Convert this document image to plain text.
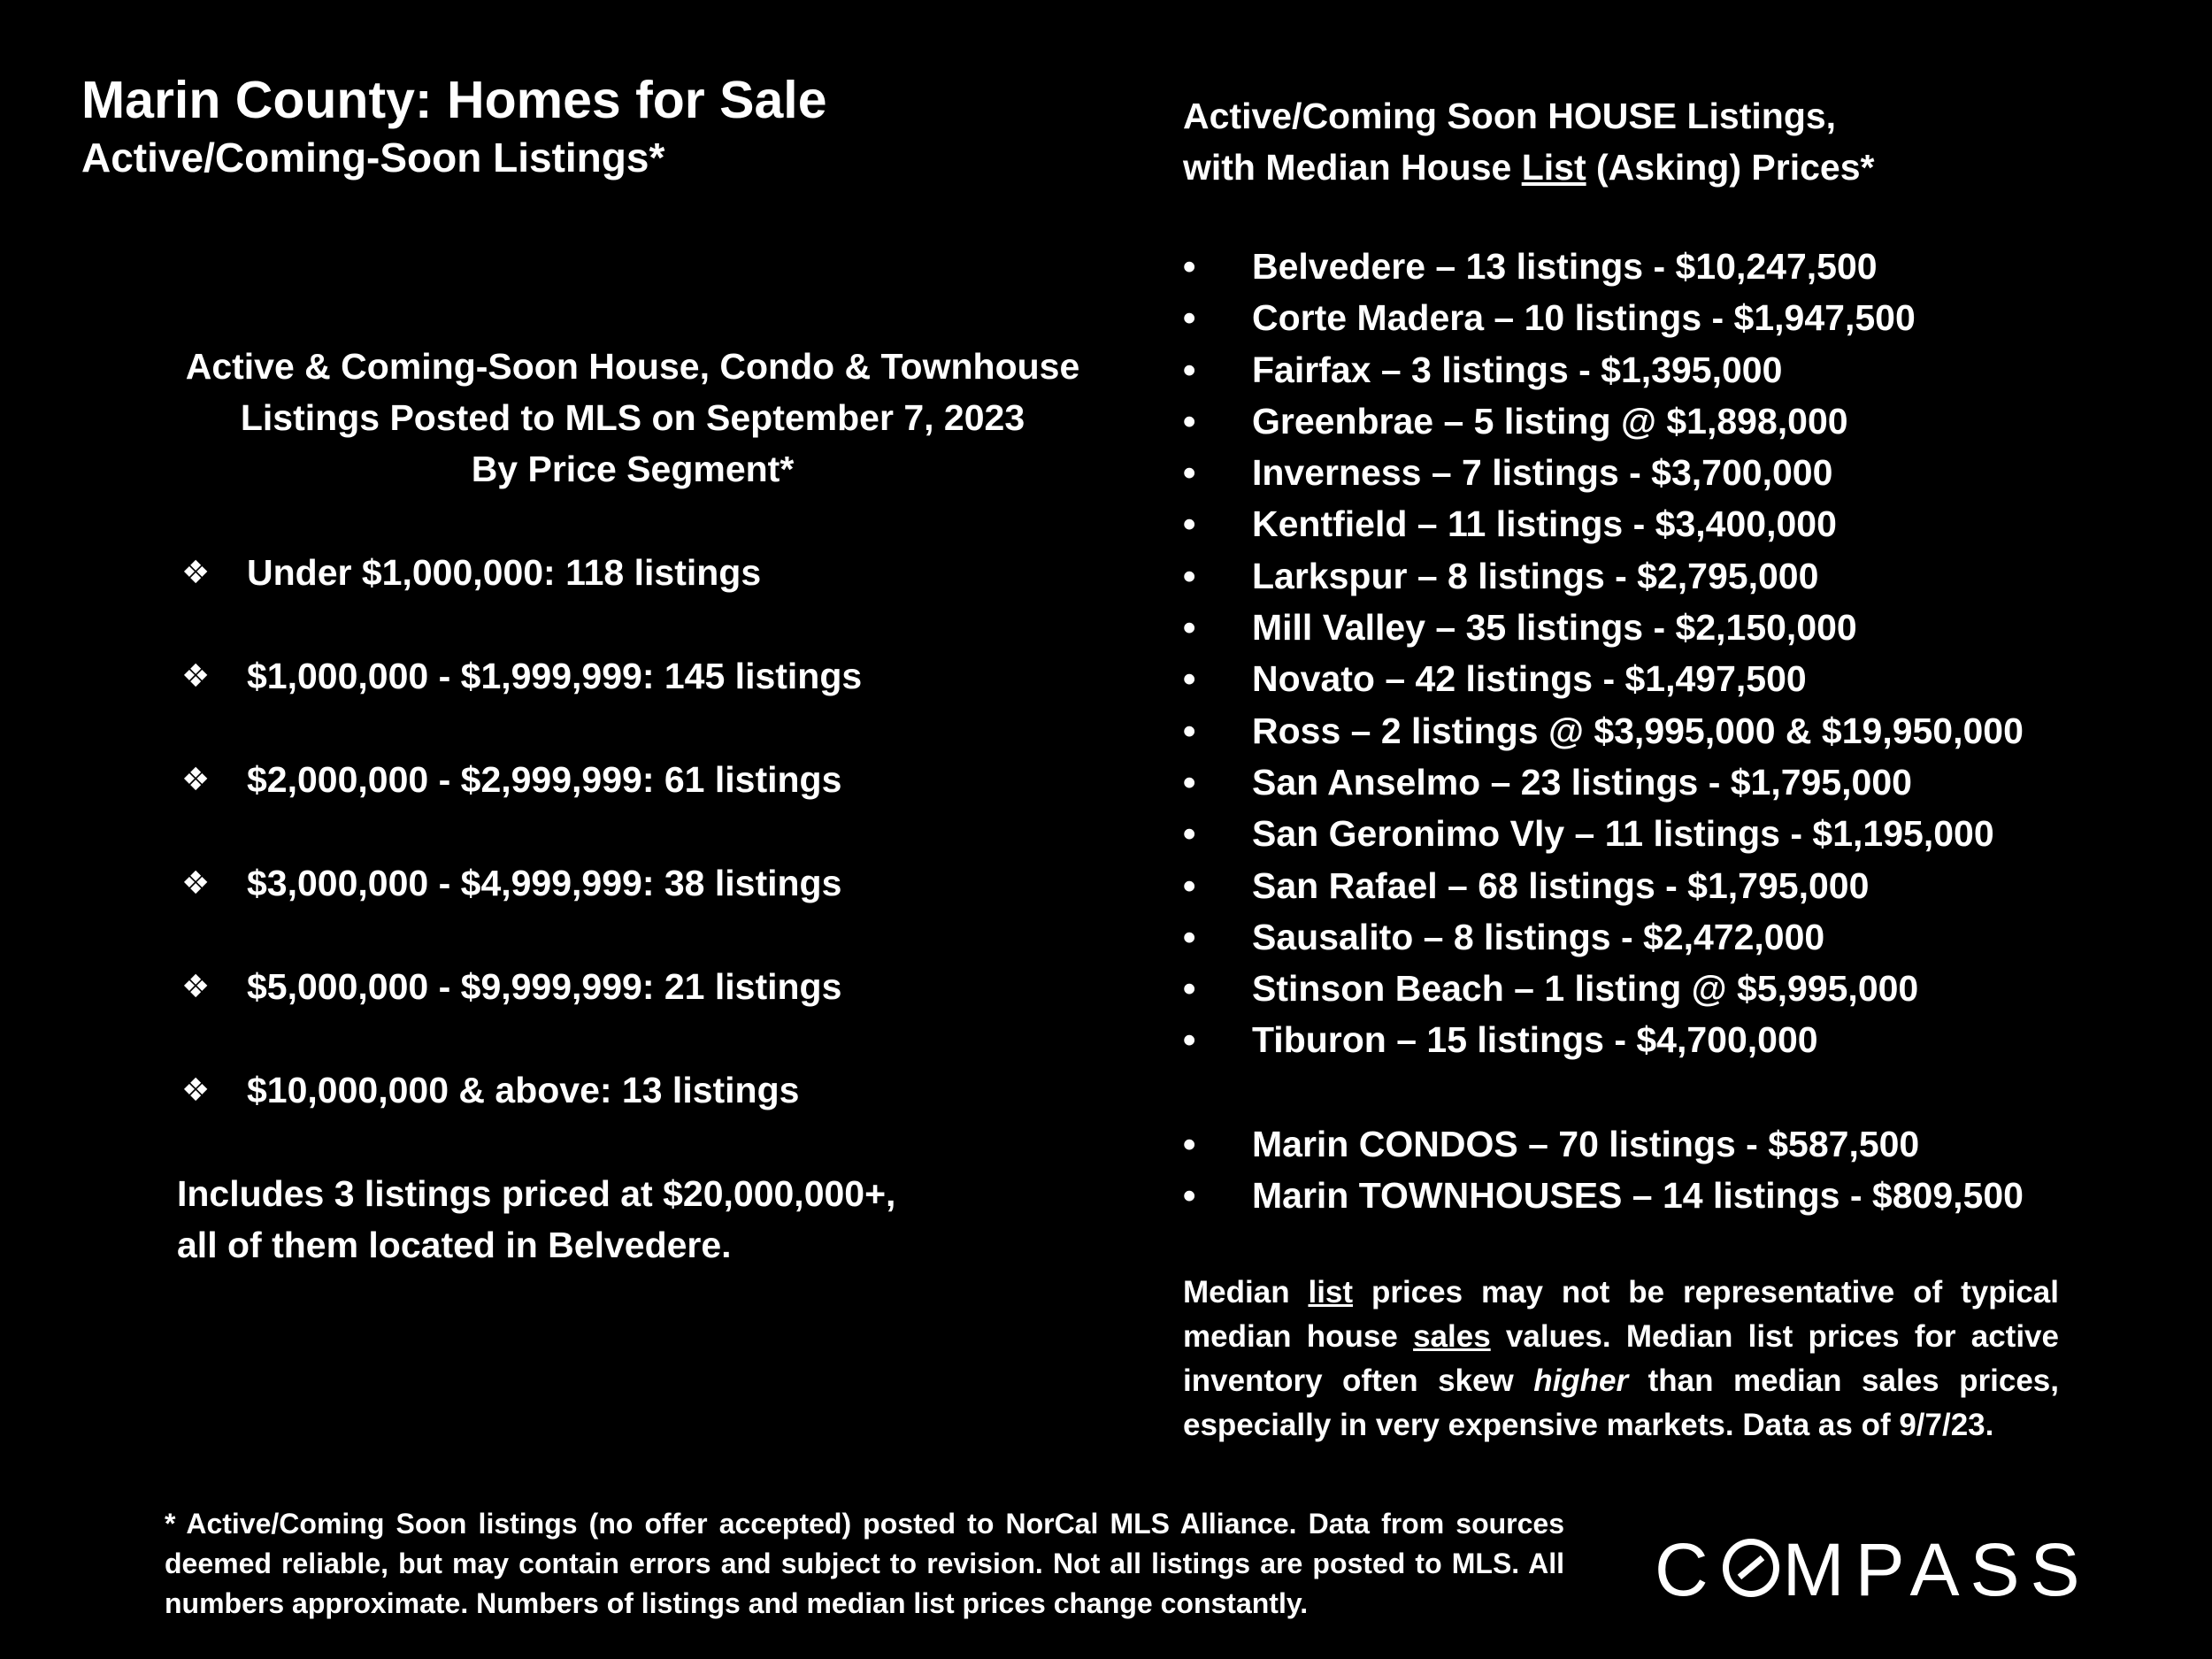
Marin County: Homes for Sale
Active/Coming-Soon Listings*
Active & Coming-Soon House, Condo & Townhouse
Listings Posted to MLS on September 7, 2023
By Price Segment*
❖	Under $1,000,000: 118 listings
❖	$1,000,000 - $1,999,999: 145 listings
❖	$2,000,000 - $2,999,999: 61 listings
❖	$3,000,000 - $4,999,999: 38 listings
❖	$5,000,000 - $9,999,999: 21 listings
❖	$10,000,000 & above: 13 listings
Includes 3 listings priced at $20,000,000+,
all of them located in Belvedere.
Active/Coming Soon HOUSE Listings,
with Median House List (Asking) Prices*
•	Belvedere – 13 listings - $10,247,500
•	Corte Madera – 10 listings - $1,947,500
•	Fairfax – 3 listings - $1,395,000
•	Greenbrae – 5 listing @ $1,898,000
•	Inverness – 7 listings - $3,700,000
•	Kentfield – 11 listings - $3,400,000
•	Larkspur – 8 listings - $2,795,000
•	Mill Valley – 35 listings - $2,150,000
•	Novato – 42 listings - $1,497,500
•	Ross – 2 listings @ $3,995,000 & $19,950,000
•	San Anselmo – 23 listings - $1,795,000
•	San Geronimo Vly – 11 listings - $1,195,000
•	San Rafael – 68 listings - $1,795,000
•	Sausalito – 8 listings - $2,472,000
•	Stinson Beach – 1 listing @ $5,995,000
•	Tiburon – 15 listings - $4,700,000
•	Marin CONDOS – 70 listings - $587,500
•	Marin TOWNHOUSES – 14 listings - $809,500
Median list prices may not be representative of typical median house sales values. Median list prices for active inventory often skew higher than median sales prices, especially in very expensive markets. Data as of 9/7/23.
* Active/Coming Soon listings (no offer accepted) posted to NorCal MLS Alliance. Data from sources deemed reliable, but may contain errors and subject to revision. Not all listings are posted to MLS. All numbers approximate. Numbers of listings and median list prices change constantly.	C MPASS
